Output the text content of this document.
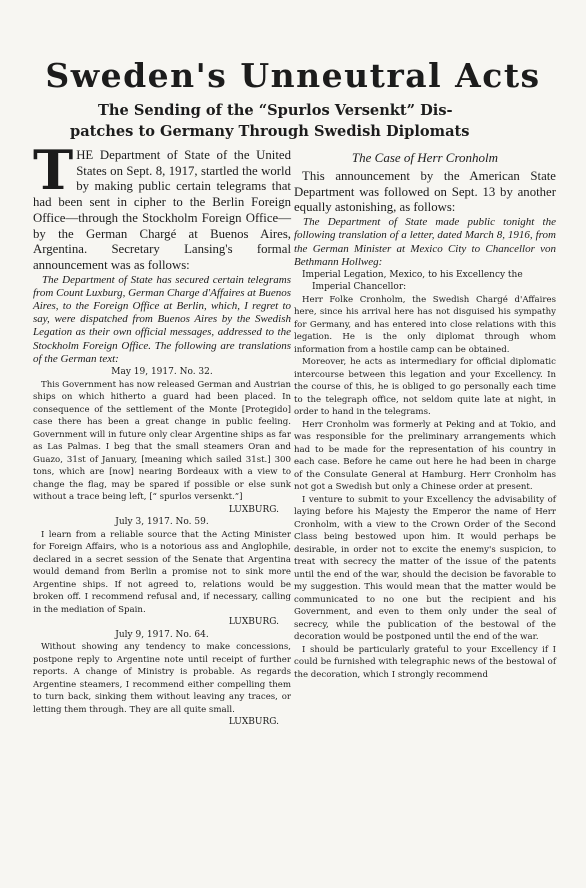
Sweden's Unneutral Acts
The Sending of the “Spurlos Versenkt” Dis-
patches to Germany Through Swedish Diplomats

THE Department of State of the United States on Sept. 8, 1917, startled the world by making public certain telegrams that had been sent in cipher to the Berlin Foreign Office—through the Stockholm Foreign Office—by the German Chargé at Buenos Aires, Argentina. Secretary Lansing's formal announcement was as follows:

The Department of State has secured certain telegrams from Count Luxburg, German Charge d'Affaires at Buenos Aires, to the Foreign Office at Berlin, which, I regret to say, were dispatched from Buenos Aires by the Swedish Legation as their own official messages, addressed to the Stockholm Foreign Office. The following are translations of the German text:

May 19, 1917. No. 32.

This Government has now released German and Austrian ships on which hitherto a guard had been placed. In consequence of the settlement of the Monte [Protegido] case there has been a great change in public feeling. Government will in future only clear Argentine ships as far as Las Palmas. I beg that the small steamers Oran and Guazo, 31st of January, [meaning which sailed 31st.] 300 tons, which are [now] nearing Bordeaux with a view to change the flag, may be spared if possible or else sunk without a trace being left, [“ spurlos versenkt.”]

LUXBURG.

July 3, 1917. No. 59.

I learn from a reliable source that the Acting Minister for Foreign Affairs, who is a notorious ass and Anglophile, declared in a secret session of the Senate that Argentina would demand from Berlin a promise not to sink more Argentine ships. If not agreed to, relations would be broken off. I recommend refusal and, if necessary, calling in the mediation of Spain.

LUXBURG.

July 9, 1917. No. 64.

Without showing any tendency to make concessions, postpone reply to Argentine note until receipt of further reports. A change of Ministry is probable. As regards Argentine steamers, I recommend either compelling them to turn back, sinking them without leaving any traces, or letting them through. They are all quite small.

LUXBURG.

The Case of Herr Cronholm

This announcement by the American State Department was followed on Sept. 13 by another equally astonishing, as follows:

The Department of State made public tonight the following translation of a letter, dated March 8, 1916, from the German Minister at Mexico City to Chancellor von Bethmann Hollweg:

Imperial Legation, Mexico, to his Excellency the Imperial Chancellor:

Herr Folke Cronholm, the Swedish Chargé d'Affaires here, since his arrival here has not disguised his sympathy for Germany, and has entered into close relations with this legation. He is the only diplomat through whom information from a hostile camp can be obtained.

Moreover, he acts as intermediary for official diplomatic intercourse between this legation and your Excellency. In the course of this, he is obliged to go personally each time to the telegraph office, not seldom quite late at night, in order to hand in the telegrams.

Herr Cronholm was formerly at Peking and at Tokio, and was responsible for the preliminary arrangements which had to be made for the representation of his country in each case. Before he came out here he had been in charge of the Consulate General at Hamburg. Herr Cronholm has not got a Swedish but only a Chinese order at present.

I venture to submit to your Excellency the advisability of laying before his Majesty the Emperor the name of Herr Cronholm, with a view to the Crown Order of the Second Class being bestowed upon him. It would perhaps be desirable, in order not to excite the enemy's suspicion, to treat with secrecy the matter of the issue of the patents until the end of the war, should the decision be favorable to my suggestion. This would mean that the matter would be communicated to no one but the recipient and his Government, and even to them only under the seal of secrecy, while the publication of the bestowal of the decoration would be postponed until the end of the war.

I should be particularly grateful to your Excellency if I could be furnished with telegraphic news of the bestowal of the decoration, which I strongly recommend
